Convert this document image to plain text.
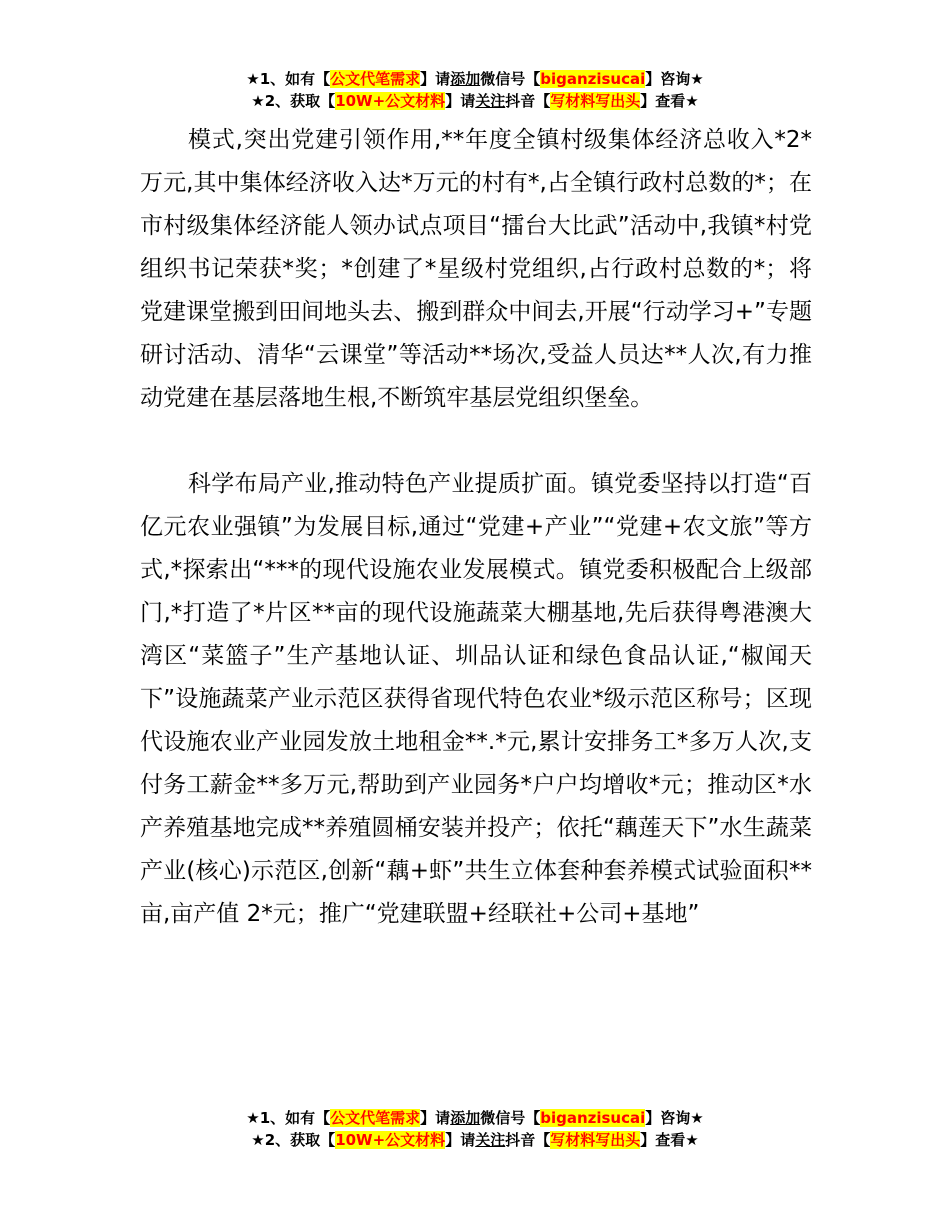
★1、如有【公文代笔需求】请添加微信号【biganzisucai】咨询★
★2、获取【10W+公文材料】请关注抖音【写材料写出头】查看★

模式,突出党建引领作用,**年度全镇村级集体经济总收入*2*万元,其中集体经济收入达*万元的村有*,占全镇行政村总数的*；在市村级集体经济能人领办试点项目“擂台大比武”活动中,我镇*村党组织书记荣获*奖；*创建了*星级村党组织,占行政村总数的*；将党建课堂搬到田间地头去、搬到群众中间去,开展“行动学习+”专题研讨活动、清华“云课堂”等活动**场次,受益人员达**人次,有力推动党建在基层落地生根,不断筑牢基层党组织堡垒。

科学布局产业,推动特色产业提质扩面。镇党委坚持以打造“百亿元农业强镇”为发展目标,通过“党建+产业”“党建+农文旅”等方式,*探索出“***的现代设施农业发展模式。镇党委积极配合上级部门,*打造了*片区**亩的现代设施蔬菜大棚基地,先后获得粤港澳大湾区“菜篮子”生产基地认证、圳品认证和绿色食品认证,“椒闻天下”设施蔬菜产业示范区获得省现代特色农业*级示范区称号；区现代设施农业产业园发放土地租金**.*元,累计安排务工*多万人次,支付务工薪金**多万元,帮助到产业园务*户户均增收*元；推动区*水产养殖基地完成**养殖圆桶安装并投产；依托“藕莲天下”水生蔬菜产业(核心)示范区,创新“藕+虾”共生立体套种套养模式试验面积**亩,亩产值 2*元；推广“党建联盟+经联社+公司+基地”

★1、如有【公文代笔需求】请添加微信号【biganzisucai】咨询★
★2、获取【10W+公文材料】请关注抖音【写材料写出头】查看★
